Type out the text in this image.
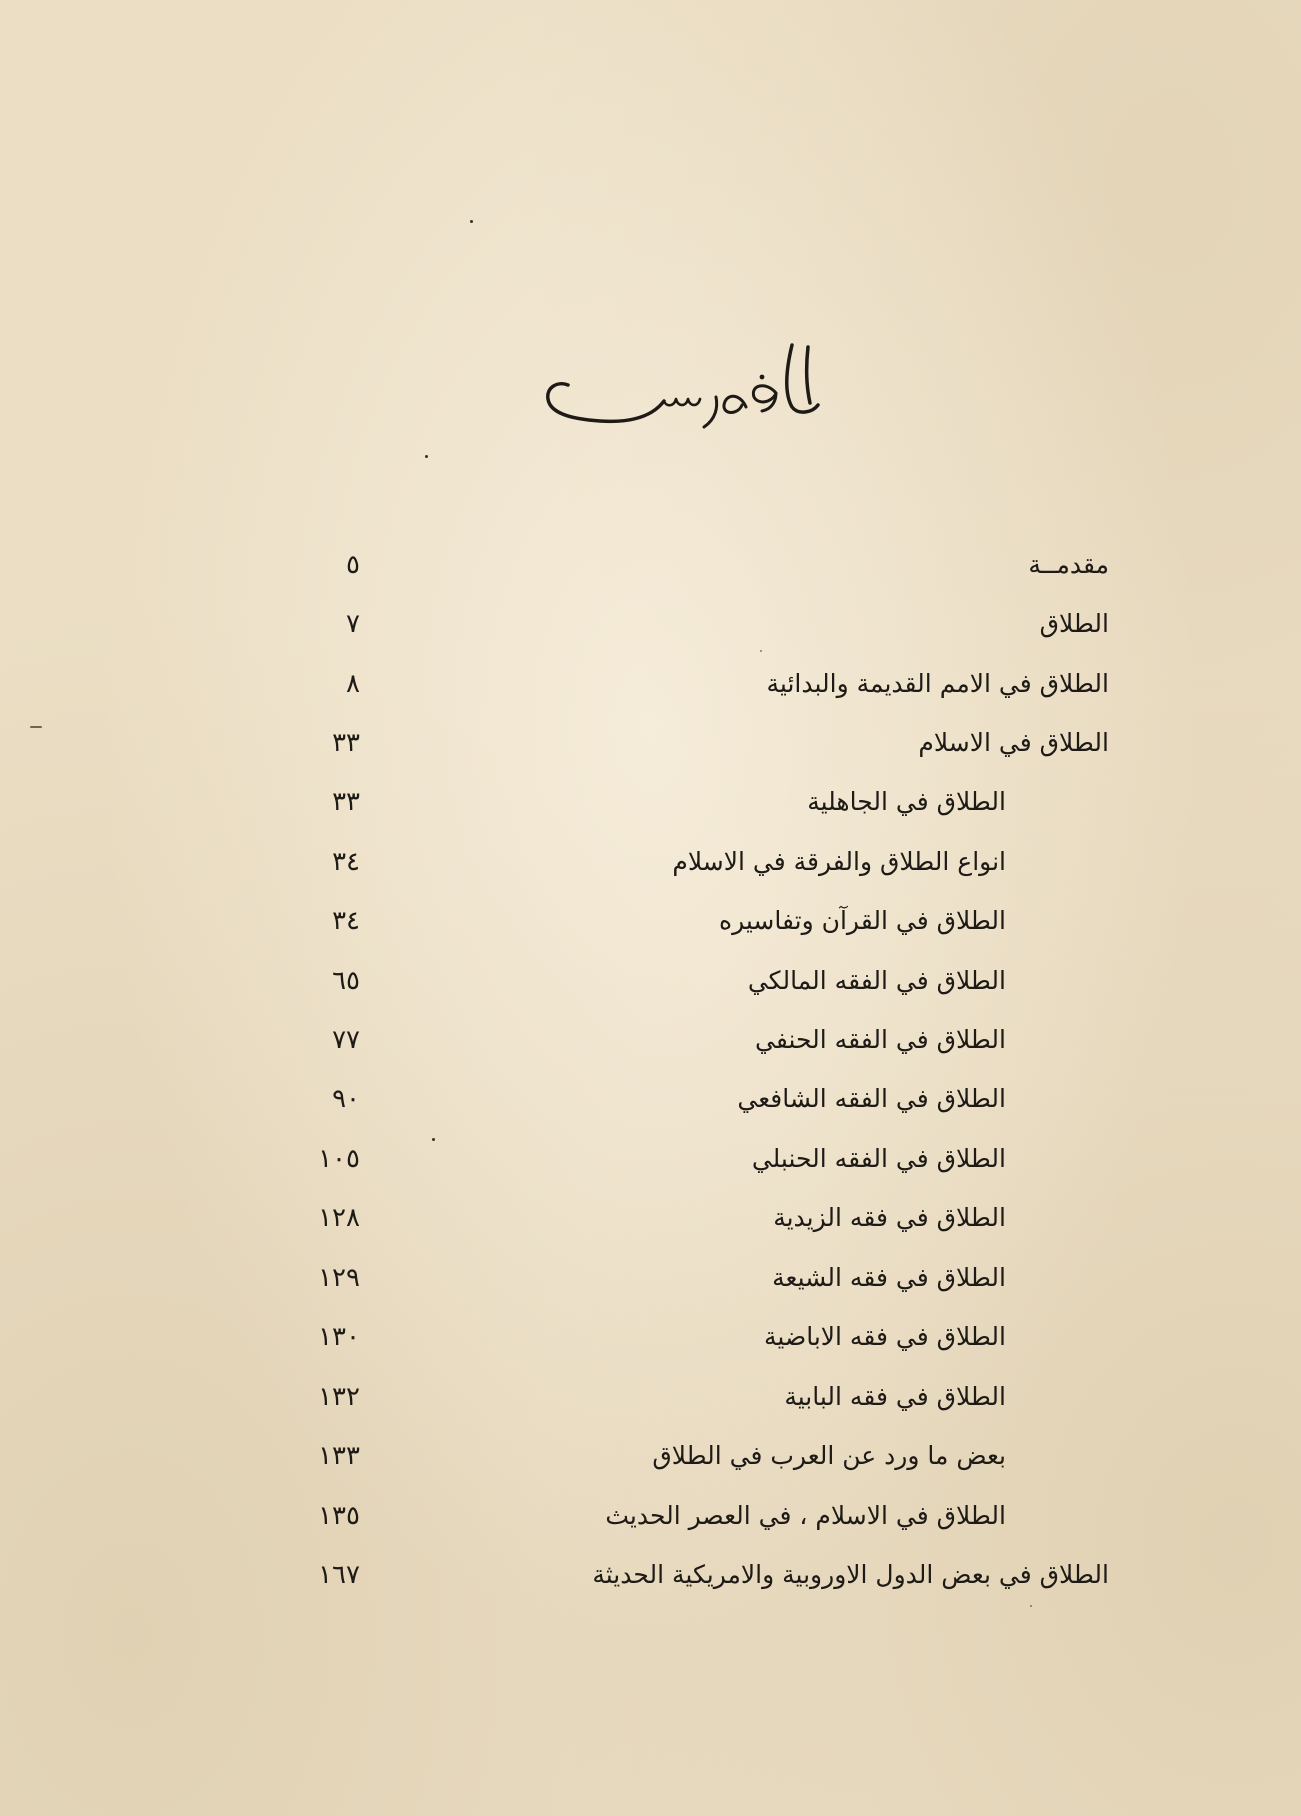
مقدمــة
٥
الطلاق
٧
الطلاق في الامم القديمة والبدائية
٨
الطلاق في الاسلام
٣٣
الطلاق في الجاهلية
٣٣
انواع الطلاق والفرقة في الاسلام
٣٤
الطلاق في القرآن وتفاسيره
٣٤
الطلاق في الفقه المالكي
٦٥
الطلاق في الفقه الحنفي
٧٧
الطلاق في الفقه الشافعي
٩٠
الطلاق في الفقه الحنبلي
١٠٥
الطلاق في فقه الزيدية
١٢٨
الطلاق في فقه الشيعة
١٢٩
الطلاق في فقه الاباضية
١٣٠
الطلاق في فقه البابية
١٣٢
بعض ما ورد عن العرب في الطلاق
١٣٣
الطلاق في الاسلام ، في العصر الحديث
١٣٥
الطلاق في بعض الدول الاوروبية والامريكية الحديثة
١٦٧
